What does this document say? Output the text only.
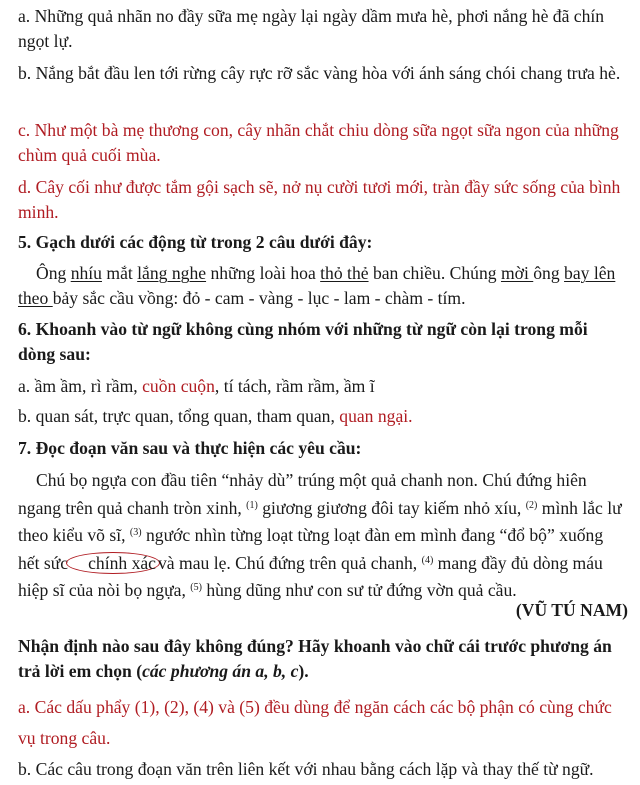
a. Những quả nhãn no đầy sữa mẹ ngày lại ngày dầm mưa hè, phơi nắng hè đã chín ngọt lự.

b. Nắng bắt đầu len tới rừng cây rực rỡ sắc vàng hòa với ánh sáng chói chang trưa hè.

c. Như một bà mẹ thương con, cây nhãn chắt chiu dòng sữa ngọt sữa ngon của những chùm quả cuối mùa.

d. Cây cối như được tắm gội sạch sẽ, nở nụ cười tươi mới, tràn đầy sức sống của bình minh.

5. Gạch dưới các động từ trong 2 câu dưới đây:

Ông nhíu mắt lắng nghe những loài hoa thỏ thẻ ban chiều. Chúng mời ông bay lên theo bảy sắc cầu vồng: đỏ - cam - vàng - lục - lam - chàm - tím.

6. Khoanh vào từ ngữ không cùng nhóm với những từ ngữ còn lại trong mỗi dòng sau:

a. ầm ầm, rì rầm, cuồn cuộn, tí tách, rầm rầm, ầm ĩ

b. quan sát, trực quan, tổng quan, tham quan, quan ngại.

7. Đọc đoạn văn sau và thực hiện các yêu cầu:

Chú bọ ngựa con đầu tiên “nhảy dù” trúng một quả chanh non. Chú đứng hiên ngang trên quả chanh tròn xinh, $^{(1)}$ giương giương đôi tay kiếm nhỏ xíu, $^{(2)}$ mình lắc lư theo kiểu võ sĩ, $^{(3)}$ ngước nhìn từng loạt từng loạt đàn em mình đang “đổ bộ” xuống hết sức chính xác và mau lẹ. Chú đứng trên quả chanh, $^{(4)}$ mang đầy đủ dòng máu hiệp sĩ của nòi bọ ngựa, $^{(5)}$ hùng dũng như con sư tử đứng vờn quả cầu.

(VŨ TÚ NAM)

Nhận định nào sau đây không đúng? Hãy khoanh vào chữ cái trước phương án trả lời em chọn (các phương án a, b, c).

a. Các dấu phẩy (1), (2), (4) và (5) đều dùng để ngăn cách các bộ phận có cùng chức vụ trong câu.

b. Các câu trong đoạn văn trên liên kết với nhau bằng cách lặp và thay thế từ ngữ.
